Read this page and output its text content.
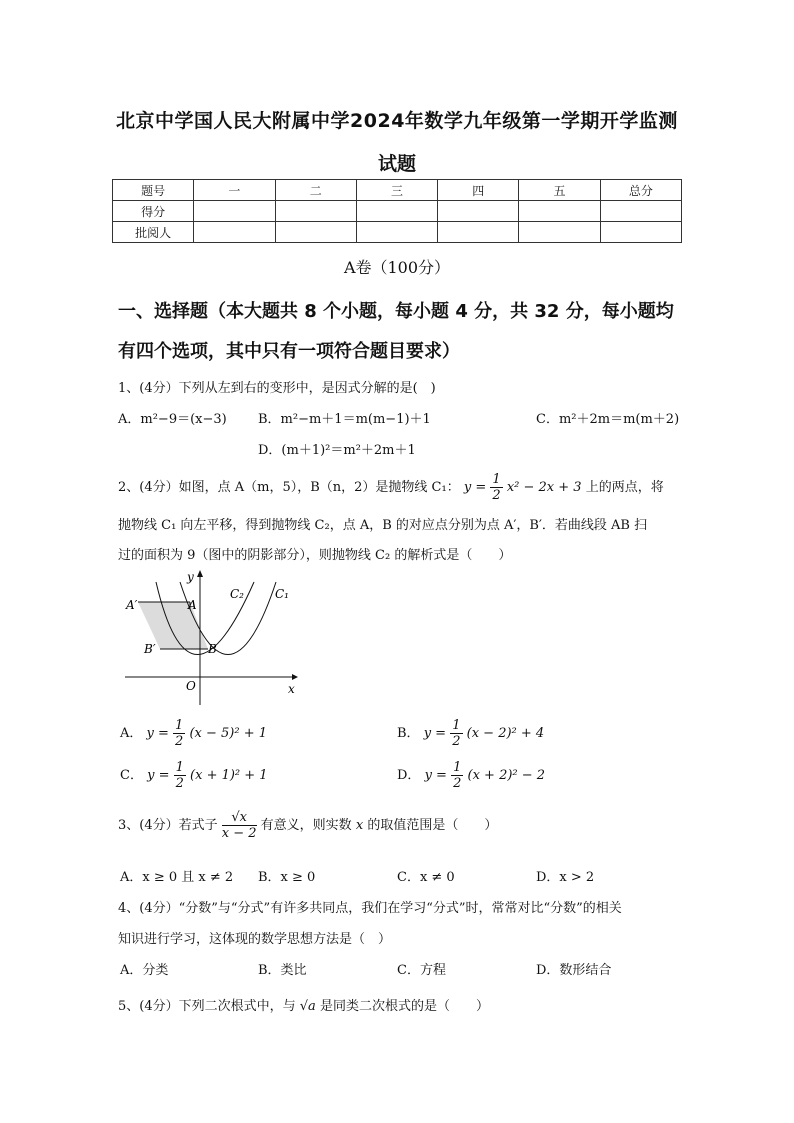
北京中学国人民大附属中学2024年数学九年级第一学期开学监测
试题
题号	一	二	三	四	五	总分
得分						
批阅人						
A卷（100分）
一、选择题（本大题共 8 个小题，每小题 4 分，共 32 分，每小题均
有四个选项，其中只有一项符合题目要求）
1、(4分）下列从左到右的变形中，是因式分解的是(　)
A．m²−9＝(x−3) B．m²−m＋1＝m(m−1)＋1	C．m²＋2m＝m(m＋2)
D．(m＋1)²＝m²＋2m＋1
2、(4分）如图，点 A（m，5），B（n，2）是抛物线 C₁： $y = \frac{1}{2} x^2 - 2x + 3$ 上的两点，将
抛物线 C₁ 向左平移，得到抛物线 C₂，点 A，B 的对应点分别为点 A′，B′．若曲线段 AB 扫
过的面积为 9（图中的阴影部分），则抛物线 C₂ 的解析式是（　　）
y
x
O
A
A′
B
B′
C₂	C₁
A． $y = \frac{1}{2} (x - 5)^2 + 1$	B． $y = \frac{1}{2} (x - 2)^2 + 4$
C． $y = \frac{1}{2} (x + 1)^2 + 1$	D． $y = \frac{1}{2} (x + 2)^2 - 2$
3、(4分）若式子 $\frac{√x}{x - 2}$ 有意义，则实数 x 的取值范围是（　　）
A．x ≥ 0 且 x ≠ 2 B．x ≥ 0	C．x ≠ 0	D．x > 2
4、(4分）“分数”与“分式”有许多共同点，我们在学习“分式”时，常常对比“分数”的相关
知识进行学习，这体现的数学思想方法是（　）
A．分类	B．类比	C．方程	D．数形结合
5、(4分）下列二次根式中，与 √a 是同类二次根式的是（　　）
